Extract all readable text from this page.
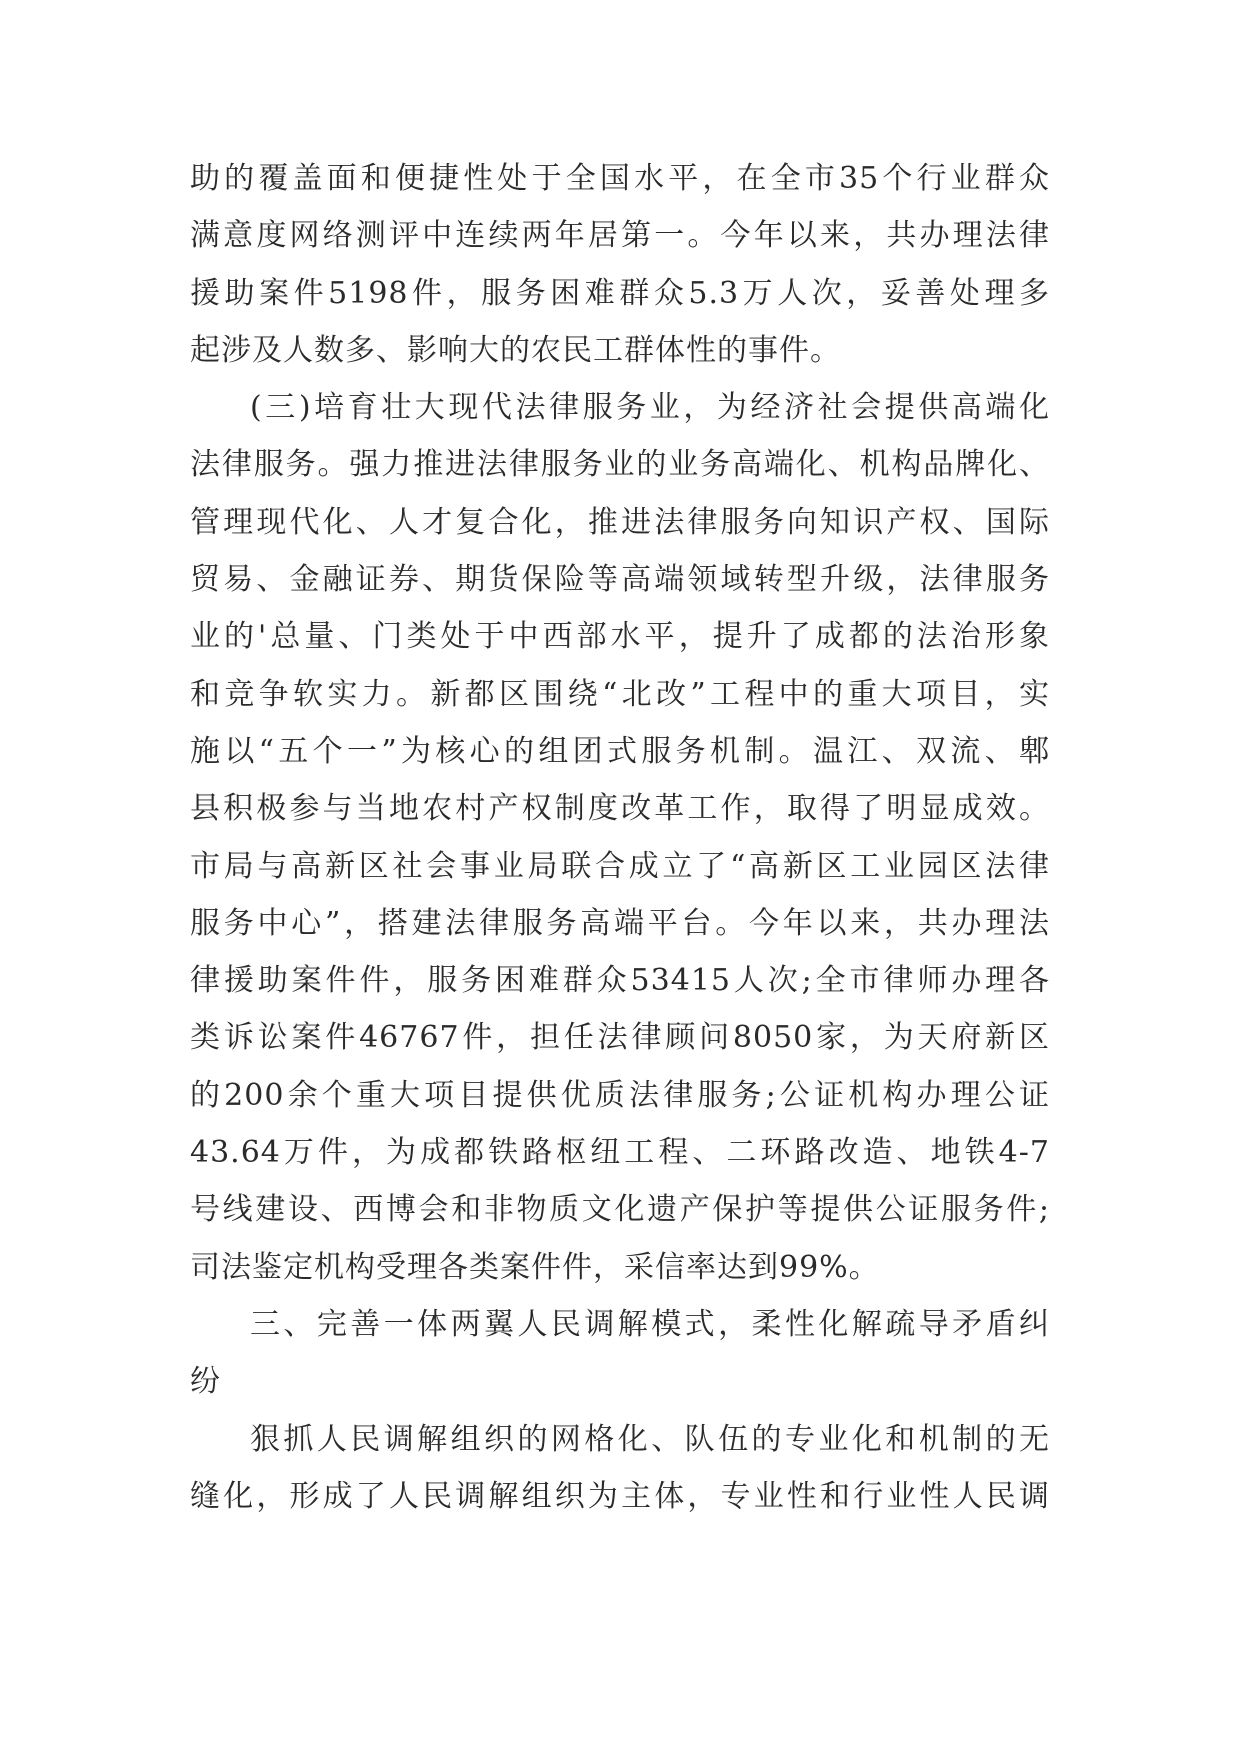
助的覆盖面和便捷性处于全国水平，在全市35个行业群众
满意度网络测评中连续两年居第一。今年以来，共办理法律
援助案件5198件，服务困难群众5.3万人次，妥善处理多
起涉及人数多、影响大的农民工群体性的事件。
(三)培育壮大现代法律服务业，为经济社会提供高端化
法律服务。强力推进法律服务业的业务高端化、机构品牌化、
管理现代化、人才复合化，推进法律服务向知识产权、国际
贸易、金融证券、期货保险等高端领域转型升级，法律服务
业的'总量、门类处于中西部水平，提升了成都的法治形象
和竞争软实力。新都区围绕“北改”工程中的重大项目，实
施以“五个一”为核心的组团式服务机制。温江、双流、郫
县积极参与当地农村产权制度改革工作，取得了明显成效。
市局与高新区社会事业局联合成立了“高新区工业园区法律
服务中心”，搭建法律服务高端平台。今年以来，共办理法
律援助案件件，服务困难群众53415人次;全市律师办理各
类诉讼案件46767件，担任法律顾问8050家，为天府新区
的200余个重大项目提供优质法律服务;公证机构办理公证
43.64万件，为成都铁路枢纽工程、二环路改造、地铁4-7
号线建设、西博会和非物质文化遗产保护等提供公证服务件;
司法鉴定机构受理各类案件件，采信率达到99%。
三、完善一体两翼人民调解模式，柔性化解疏导矛盾纠
纷
狠抓人民调解组织的网格化、队伍的专业化和机制的无
缝化，形成了人民调解组织为主体，专业性和行业性人民调
